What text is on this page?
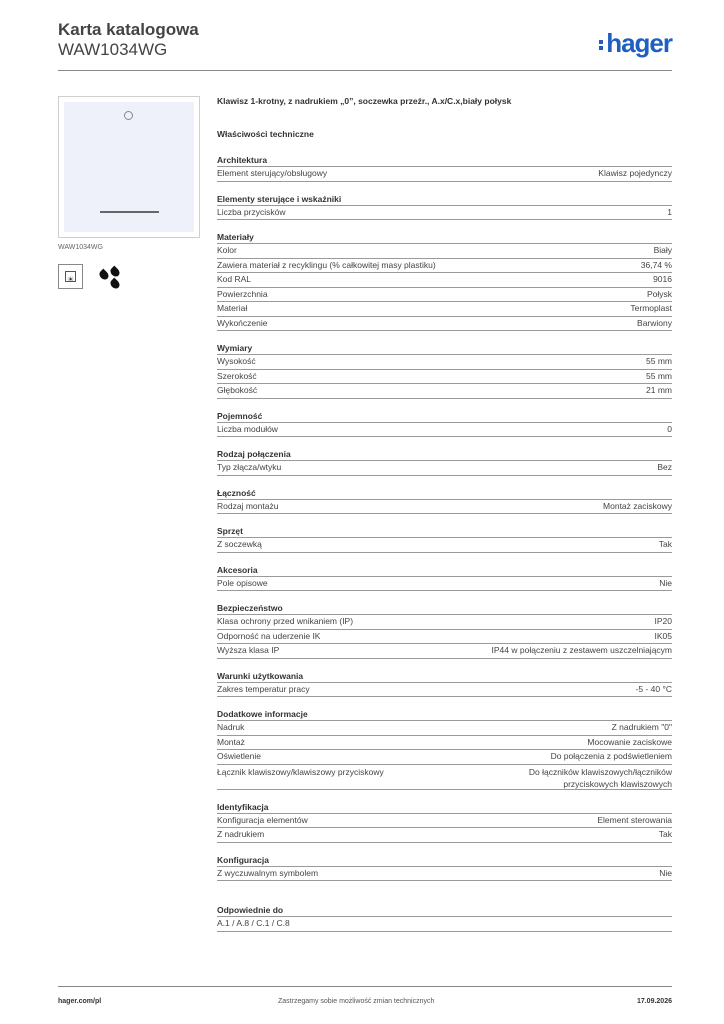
Karta katalogowa
WAW1034WG	hager
WAW1034WG
☀
Klawisz 1-krotny, z nadrukiem „0”, soczewka przeźr., A.x/C.x,biały połysk
Właściwości techniczne
Architektura
Element sterujący/obsługowy	Klawisz pojedynczy
Elementy sterujące i wskaźniki
Liczba przycisków	1
Materiały
Kolor	Biały
Zawiera materiał z recyklingu (% całkowitej masy plastiku)	36,74 %
Kod RAL	9016
Powierzchnia	Połysk
Materiał	Termoplast
Wykończenie	Barwiony
Wymiary
Wysokość	55 mm
Szerokość	55 mm
Głębokość	21 mm
Pojemność
Liczba modułów	0
Rodzaj połączenia
Typ złącza/wtyku	Bez
Łączność
Rodzaj montażu	Montaż zaciskowy
Sprzęt
Z soczewką	Tak
Akcesoria
Pole opisowe	Nie
Bezpieczeństwo
Klasa ochrony przed wnikaniem (IP)	IP20
Odporność na uderzenie IK	IK05
Wyższa klasa IP	IP44 w połączeniu z zestawem uszczelniającym
Warunki użytkowania
Zakres temperatur pracy	-5 - 40 °C
Dodatkowe informacje
Nadruk	Z nadrukiem "0"
Montaż	Mocowanie zaciskowe
Oświetlenie	Do połączenia z podświetleniem
Łącznik klawiszowy/klawiszowy przyciskowy	Do łączników klawiszowych/łączników przyciskowych klawiszowych
Identyfikacja
Konfiguracja elementów	Element sterowania
Z nadrukiem	Tak
Konfiguracja
Z wyczuwalnym symbolem	Nie
Odpowiednie do
A.1 / A.8 / C.1 / C.8
hager.com/pl	Zastrzegamy sobie możliwość zmian technicznych	17.09.2026
